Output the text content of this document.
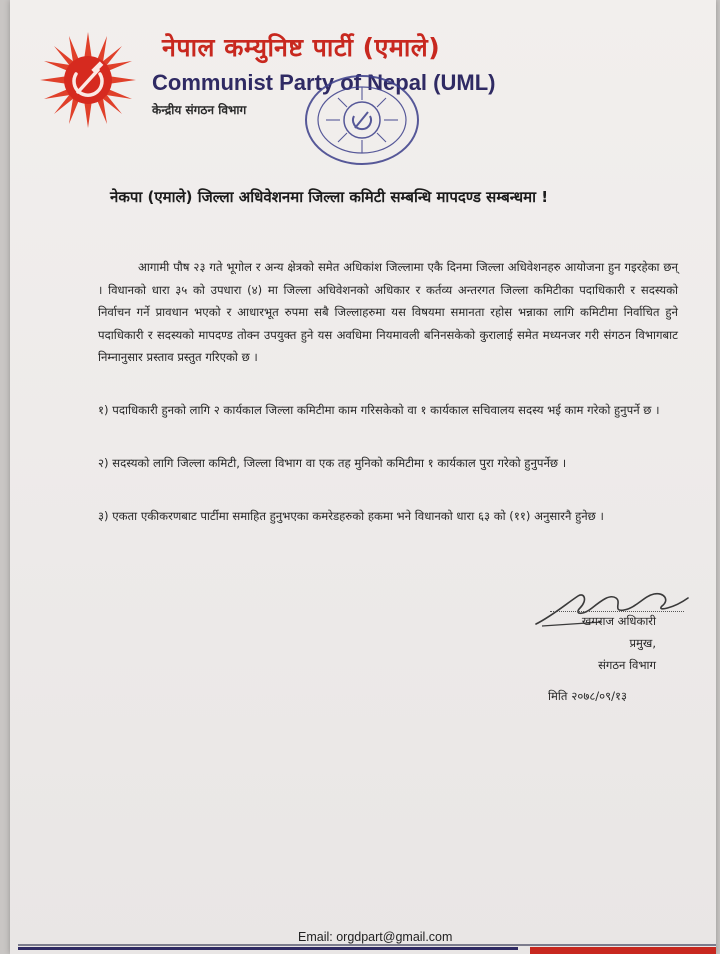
नेपाल कम्युनिष्ट पार्टी (एमाले)
Communist Party of Nepal (UML)
केन्द्रीय संगठन विभाग
नेकपा (एमाले) जिल्ला अधिवेशनमा जिल्ला कमिटी सम्बन्धि मापदण्ड सम्बन्धमा !

आगामी पौष २३ गते भूगोल र अन्य क्षेत्रको समेत अधिकांश जिल्लामा एकै दिनमा जिल्ला अधिवेशनहरु आयोजना हुन गइरहेका छन् । विधानको धारा ३५ को उपधारा (४) मा जिल्ला अधिवेशनको अधिकार र कर्तव्य अन्तरगत जिल्ला कमिटीका पदाधिकारी र सदस्यको निर्वाचन गर्ने प्रावधान भएको र आधारभूत रुपमा सबै जिल्लाहरुमा यस विषयमा समानता रहोस भन्नाका लागि कमिटीमा निर्वाचित हुने पदाधिकारी र सदस्यको मापदण्ड तोक्न उपयुक्त हुने यस अवधिमा नियमावली बनिनसकेको कुरालाई समेत मध्यनजर गरी संगठन विभागबाट निम्नानुसार प्रस्ताव प्रस्तुत गरिएको छ ।

१) पदाधिकारी हुनको लागि २ कार्यकाल जिल्ला कमिटीमा काम गरिसकेको वा १ कार्यकाल सचिवालय सदस्य भई काम गरेको हुनुपर्ने छ ।

२) सदस्यको लागि जिल्ला कमिटी, जिल्ला विभाग वा एक तह मुनिको कमिटीमा १ कार्यकाल पुरा गरेको हुनुपर्नेछ ।

३) एकता एकीकरणबाट पार्टीमा समाहित हुनुभएका कमरेडहरुको हकमा भने विधानको धारा ६३ को (११) अनुसारनै हुनेछ ।

खगराज अधिकारी
प्रमुख,
संगठन विभाग
मिति २०७८/०९/१३
Email: orgdpart@gmail.com
